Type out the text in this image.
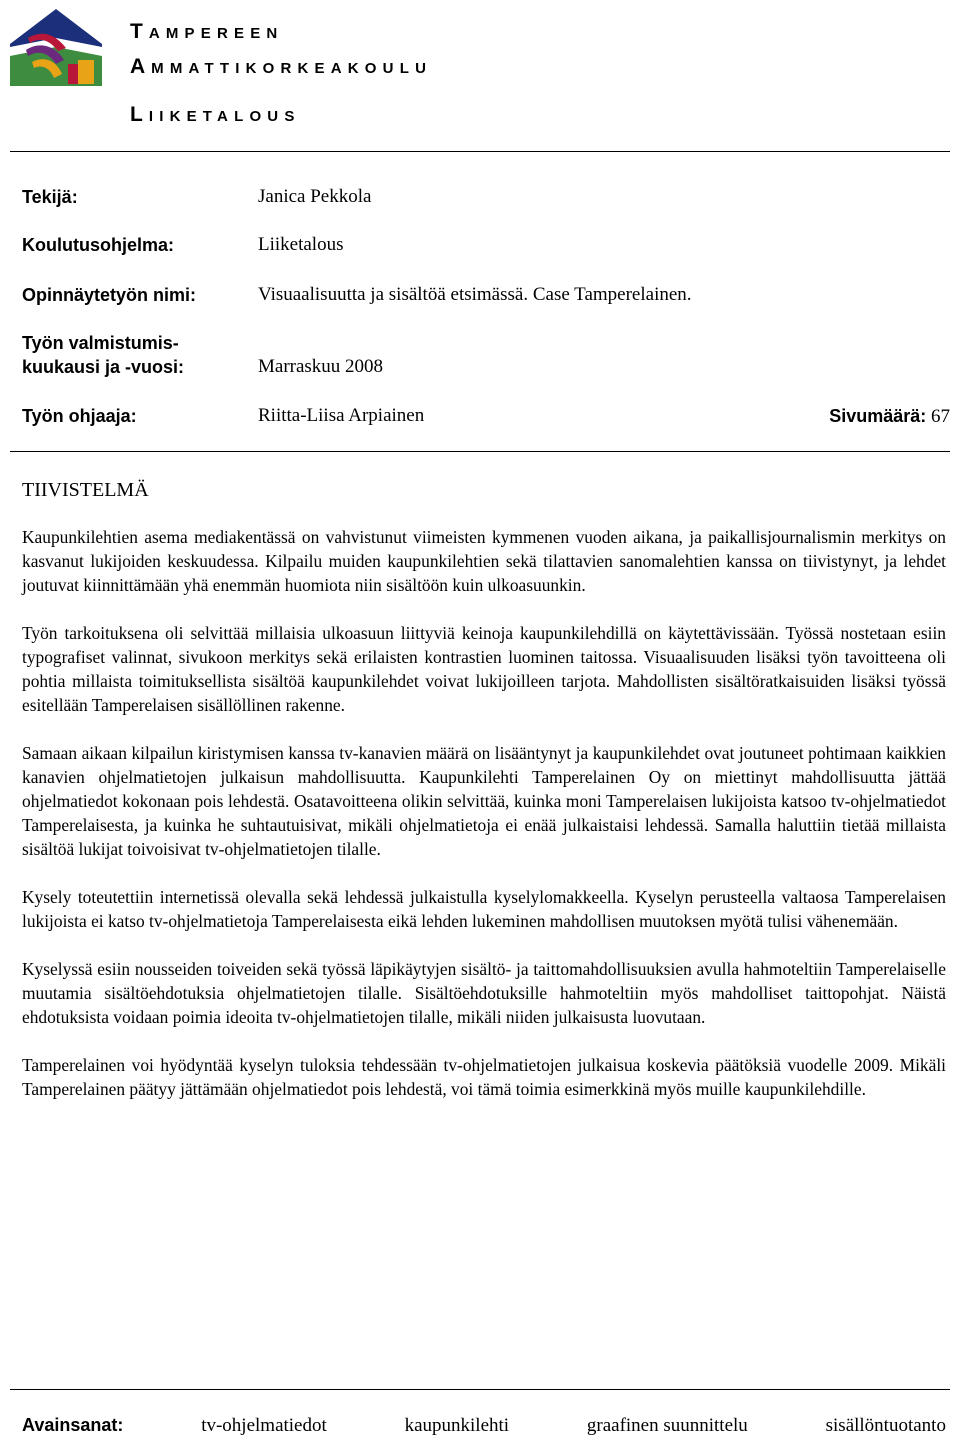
TAMPEREEN
AMMATTIKORKEAKOULU
LIIKETALOUS
Tekijä:	Janica Pekkola
Koulutusohjelma:	Liiketalous
Opinnäytetyön nimi:	Visuaalisuutta ja sisältöä etsimässä. Case Tamperelainen.
Työn valmistumis-
kuukausi ja -vuosi:	Marraskuu 2008
Työn ohjaaja:	Riitta-Liisa Arpiainen	Sivumäärä: 67
TIIVISTELMÄ

Kaupunkilehtien asema mediakentässä on vahvistunut viimeisten kymmenen vuoden aikana, ja paikallisjournalismin merkitys on kasvanut lukijoiden keskuudessa. Kilpailu muiden kaupunkilehtien sekä tilattavien sanomalehtien kanssa on tiivistynyt, ja lehdet joutuvat kiinnittämään yhä enemmän huomiota niin sisältöön kuin ulkoasuunkin.

Työn tarkoituksena oli selvittää millaisia ulkoasuun liittyviä keinoja kaupunkilehdillä on käytettävissään. Työssä nostetaan esiin typografiset valinnat, sivukoon merkitys sekä erilaisten kontrastien luominen taitossa. Visuaalisuuden lisäksi työn tavoitteena oli pohtia millaista toimituksellista sisältöä kaupunkilehdet voivat lukijoilleen tarjota. Mahdollisten sisältöratkaisuiden lisäksi työssä esitellään Tamperelaisen sisällöllinen rakenne.

Samaan aikaan kilpailun kiristymisen kanssa tv-kanavien määrä on lisääntynyt ja kaupunkilehdet ovat joutuneet pohtimaan kaikkien kanavien ohjelmatietojen julkaisun mahdollisuutta. Kaupunkilehti Tamperelainen Oy on miettinyt mahdollisuutta jättää ohjelmatiedot kokonaan pois lehdestä. Osatavoitteena olikin selvittää, kuinka moni Tamperelaisen lukijoista katsoo tv-ohjelmatiedot Tamperelaisesta, ja kuinka he suhtautuisivat, mikäli ohjelmatietoja ei enää julkaistaisi lehdessä. Samalla haluttiin tietää millaista sisältöä lukijat toivoisivat tv-ohjelmatietojen tilalle.

Kysely toteutettiin internetissä olevalla sekä lehdessä julkaistulla kyselylomakkeella. Kyselyn perusteella valtaosa Tamperelaisen lukijoista ei katso tv-ohjelmatietoja Tamperelaisesta eikä lehden lukeminen mahdollisen muutoksen myötä tulisi vähenemään.

Kyselyssä esiin nousseiden toiveiden sekä työssä läpikäytyjen sisältö- ja taittomahdollisuuksien avulla hahmoteltiin Tamperelaiselle muutamia sisältöehdotuksia ohjelmatietojen tilalle. Sisältöehdotuksille hahmoteltiin myös mahdolliset taittopohjat. Näistä ehdotuksista voidaan poimia ideoita tv-ohjelmatietojen tilalle, mikäli niiden julkaisusta luovutaan.

Tamperelainen voi hyödyntää kyselyn tuloksia tehdessään tv-ohjelmatietojen julkaisua koskevia päätöksiä vuodelle 2009. Mikäli Tamperelainen päätyy jättämään ohjelmatiedot pois lehdestä, voi tämä toimia esimerkkinä myös muille kaupunkilehdille.

Avainsanat:	tv-ohjelmatiedot	kaupunkilehti	graafinen suunnittelu	sisällöntuotanto
